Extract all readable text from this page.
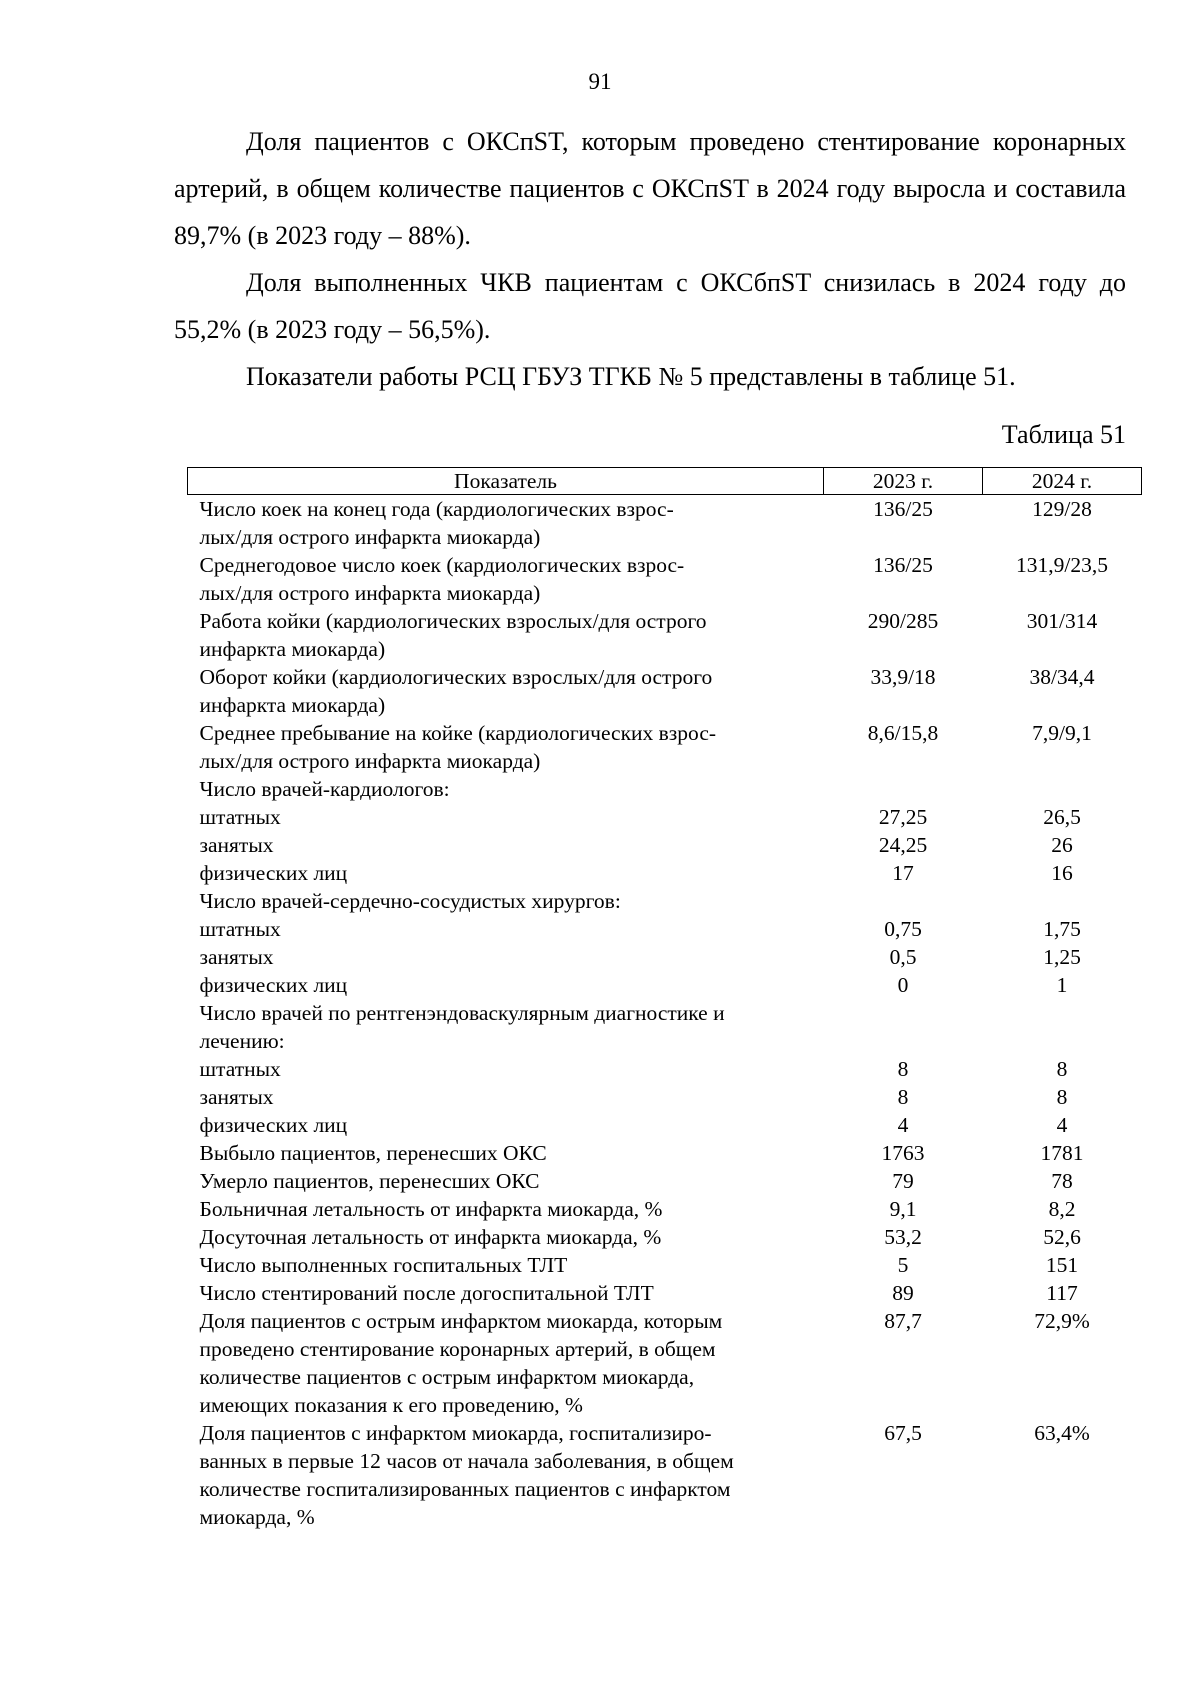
91

Доля пациентов с ОКСпST, которым проведено стентирование коронарных артерий, в общем количестве пациентов с ОКСпST в 2024 году выросла и составила 89,7% (в 2023 году – 88%).

Доля выполненных ЧКВ пациентам с ОКСбпST снизилась в 2024 году до 55,2% (в 2023 году – 56,5%).

Показатели работы РСЦ ГБУЗ ТГКБ № 5 представлены в таблице 51.

Таблица 51
Показатель	2023 г.	2024 г.
Число коек на конец года (кардиологических взрос-
лых/для острого инфаркта миокарда)	136/25	129/28
Среднегодовое число коек (кардиологических взрос-
лых/для острого инфаркта миокарда)	136/25	131,9/23,5
Работа койки (кардиологических взрослых/для острого
инфаркта миокарда)	290/285	301/314
Оборот койки (кардиологических взрослых/для острого
инфаркта миокарда)	33,9/18	38/34,4
Среднее пребывание на койке (кардиологических взрос-
лых/для острого инфаркта миокарда)	8,6/15,8	7,9/9,1
Число врачей-кардиологов:		
штатных	27,25	26,5
занятых	24,25	26
физических лиц	17	16
Число врачей-сердечно-сосудистых хирургов:		
штатных	0,75	1,75
занятых	0,5	1,25
физических лиц	0	1
Число врачей по рентгенэндоваскулярным диагностике и
лечению:		
штатных	8	8
занятых	8	8
физических лиц	4	4
Выбыло пациентов, перенесших ОКС	1763	1781
Умерло пациентов, перенесших ОКС	79	78
Больничная летальность от инфаркта миокарда, %	9,1	8,2
Досуточная летальность от инфаркта миокарда, %	53,2	52,6
Число выполненных госпитальных ТЛТ	5	151
Число стентирований после догоспитальной ТЛТ	89	117
Доля пациентов с острым инфарктом миокарда, которым
проведено стентирование коронарных артерий, в общем
количестве пациентов с острым инфарктом миокарда,
имеющих показания к его проведению, %	87,7	72,9%
Доля пациентов с инфарктом миокарда, госпитализиро-
ванных в первые 12 часов от начала заболевания, в общем
количестве госпитализированных пациентов с инфарктом
миокарда, %	67,5	63,4%
